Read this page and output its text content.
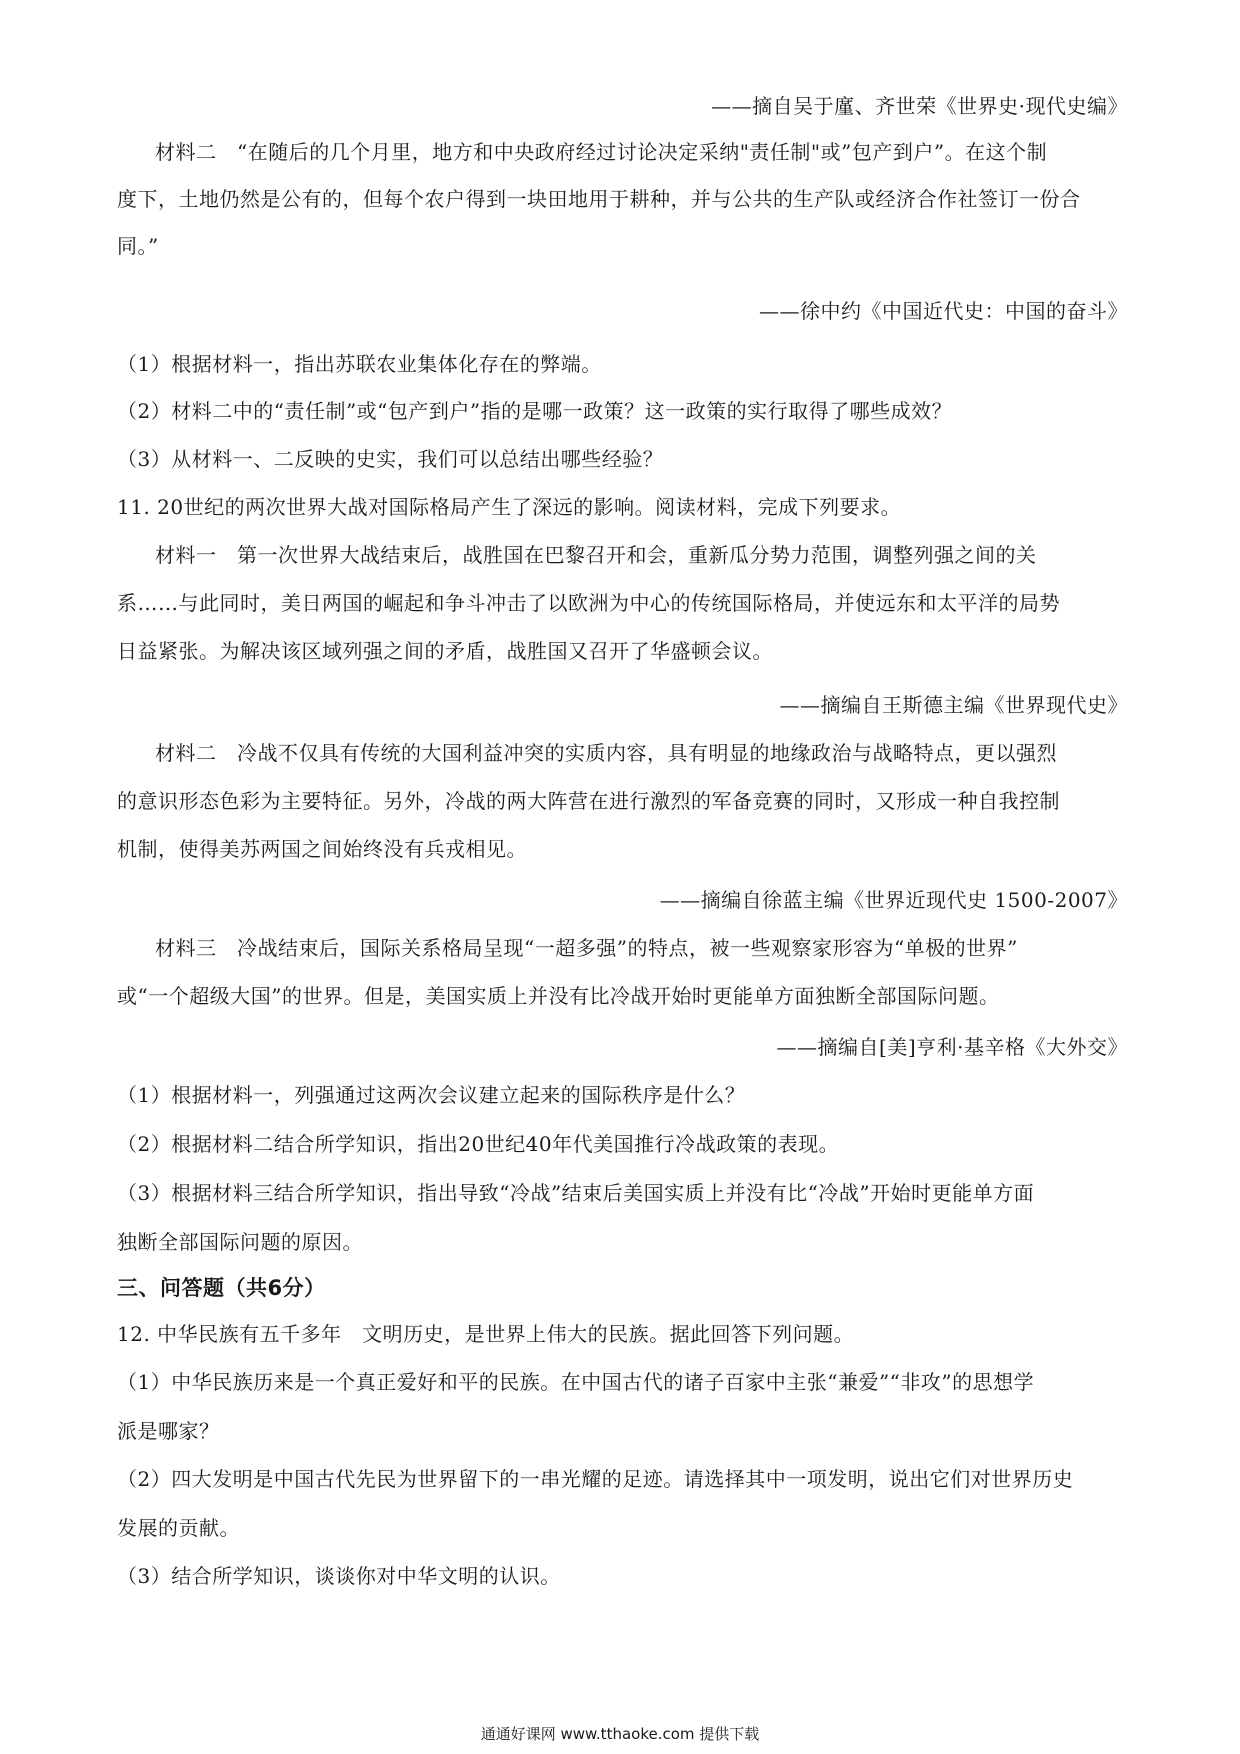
——摘自吴于廑、齐世荣《世界史·现代史编》
材料二　“在随后的几个月里，地方和中央政府经过讨论决定采纳"责任制"或”包产到户”。在这个制
度下，土地仍然是公有的，但每个农户得到一块田地用于耕种，并与公共的生产队或经济合作社签订一份合
同。”
——徐中约《中国近代史：中国的奋斗》
（1）根据材料一，指出苏联农业集体化存在的弊端。
（2）材料二中的“责任制”或“包产到户”指的是哪一政策？这一政策的实行取得了哪些成效？
（3）从材料一、二反映的史实，我们可以总结出哪些经验？
11. 20世纪的两次世界大战对国际格局产生了深远的影响。阅读材料，完成下列要求。
材料一　第一次世界大战结束后，战胜国在巴黎召开和会，重新瓜分势力范围，调整列强之间的关
系……与此同时，美日两国的崛起和争斗冲击了以欧洲为中心的传统国际格局，并使远东和太平洋的局势
日益紧张。为解决该区域列强之间的矛盾，战胜国又召开了华盛顿会议。
——摘编自王斯德主编《世界现代史》
材料二　冷战不仅具有传统的大国利益冲突的实质内容，具有明显的地缘政治与战略特点，更以强烈
的意识形态色彩为主要特征。另外，冷战的两大阵营在进行激烈的军备竞赛的同时，又形成一种自我控制
机制，使得美苏两国之间始终没有兵戎相见。
——摘编自徐蓝主编《世界近现代史 1500-2007》
材料三　冷战结束后，国际关系格局呈现“一超多强”的特点，被一些观察家形容为“单极的世界”
或“一个超级大国”的世界。但是，美国实质上并没有比冷战开始时更能单方面独断全部国际问题。
——摘编自[美]亨利·基辛格《大外交》
（1）根据材料一，列强通过这两次会议建立起来的国际秩序是什么？
（2）根据材料二结合所学知识，指出20世纪40年代美国推行冷战政策的表现。
（3）根据材料三结合所学知识，指出导致“冷战”结束后美国实质上并没有比“冷战”开始时更能单方面
独断全部国际问题的原因。
三、问答题（共6分）
12. 中华民族有五千多年　文明历史，是世界上伟大的民族。据此回答下列问题。
（1）中华民族历来是一个真正爱好和平的民族。在中国古代的诸子百家中主张“兼爱”“非攻”的思想学
派是哪家？
（2）四大发明是中国古代先民为世界留下的一串光耀的足迹。请选择其中一项发明，说出它们对世界历史
发展的贡献。
（3）结合所学知识，谈谈你对中华文明的认识。
通通好课网 www.tthaoke.com 提供下载
